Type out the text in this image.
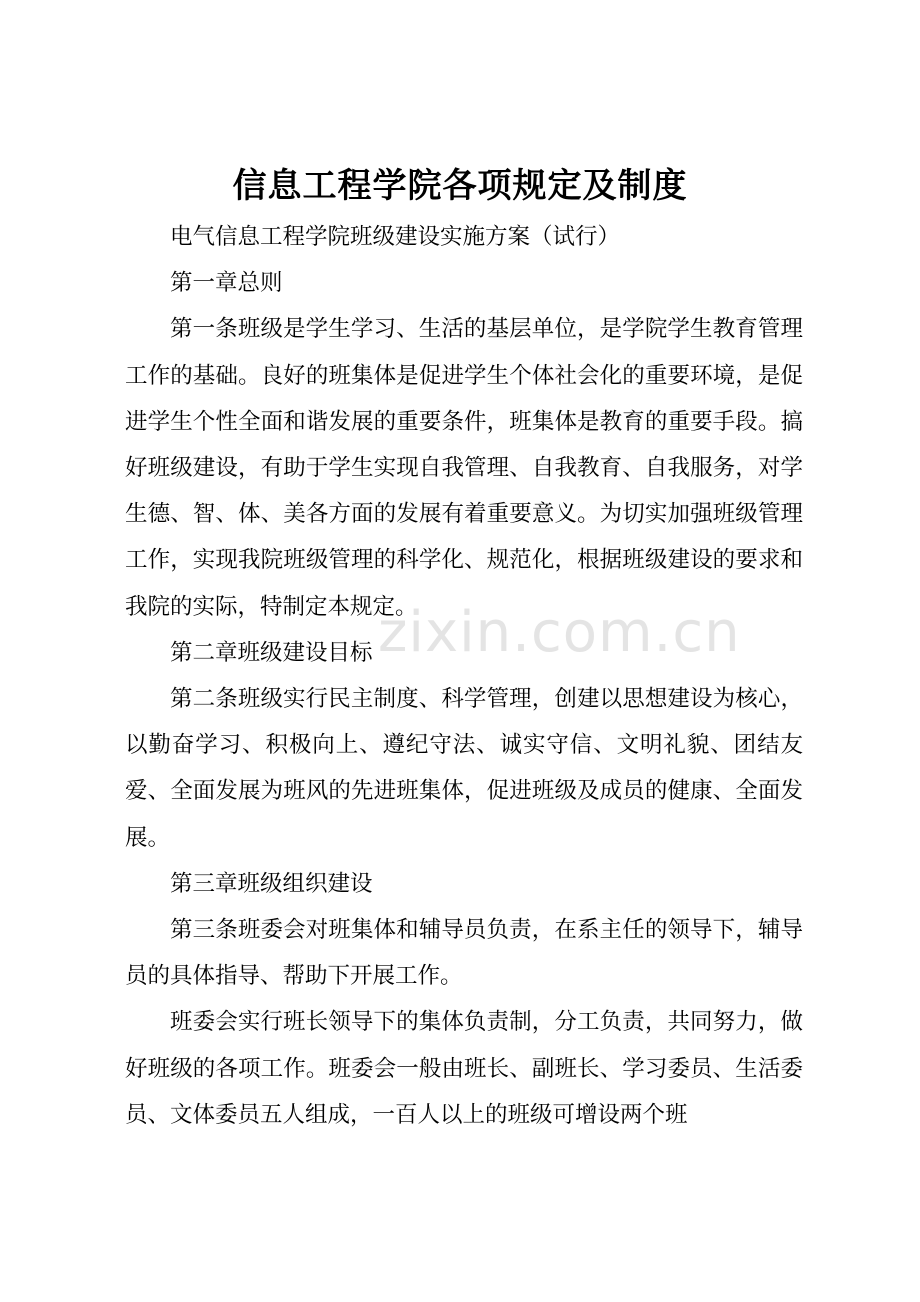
信息工程学院各项规定及制度

电气信息工程学院班级建设实施方案（试行）

第一章总则

第一条班级是学生学习、生活的基层单位，是学院学生教育管理工作的基础。良好的班集体是促进学生个体社会化的重要环境，是促进学生个性全面和谐发展的重要条件，班集体是教育的重要手段。搞好班级建设，有助于学生实现自我管理、自我教育、自我服务，对学生德、智、体、美各方面的发展有着重要意义。为切实加强班级管理工作，实现我院班级管理的科学化、规范化，根据班级建设的要求和我院的实际，特制定本规定。

第二章班级建设目标

第二条班级实行民主制度、科学管理，创建以思想建设为核心，以勤奋学习、积极向上、遵纪守法、诚实守信、文明礼貌、团结友爱、全面发展为班风的先进班集体，促进班级及成员的健康、全面发展。

第三章班级组织建设

第三条班委会对班集体和辅导员负责，在系主任的领导下，辅导员的具体指导、帮助下开展工作。

班委会实行班长领导下的集体负责制，分工负责，共同努力，做好班级的各项工作。班委会一般由班长、副班长、学习委员、生活委员、文体委员五人组成，一百人以上的班级可增设两个班

zixin.com.cn
